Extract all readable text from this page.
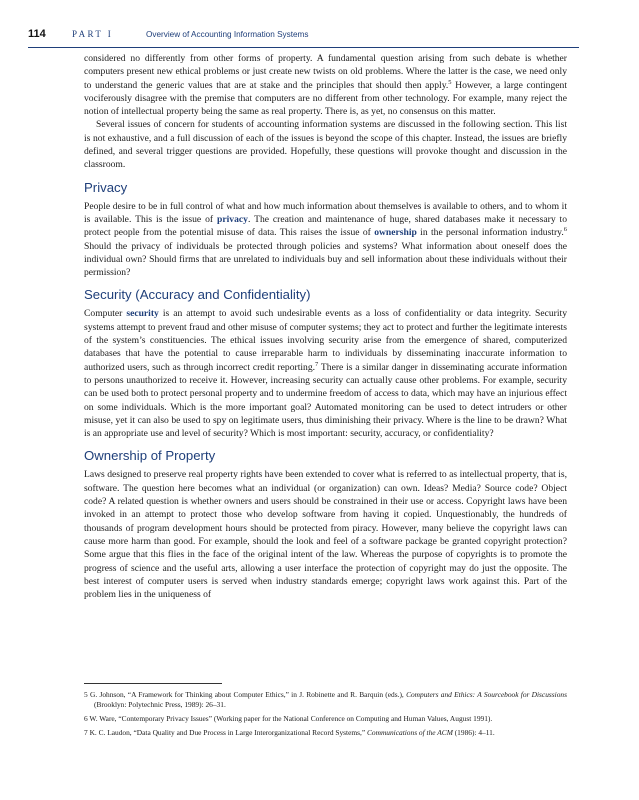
114	PART I	Overview of Accounting Information Systems

considered no differently from other forms of property. A fundamental question arising from such debate is whether computers present new ethical problems or just create new twists on old problems. Where the latter is the case, we need only to understand the generic values that are at stake and the principles that should then apply.$^5$ However, a large contingent vociferously disagree with the premise that computers are no different from other technology. For example, many reject the notion of intellectual property being the same as real property. There is, as yet, no consensus on this matter.

Several issues of concern for students of accounting information systems are discussed in the following section. This list is not exhaustive, and a full discussion of each of the issues is beyond the scope of this chapter. Instead, the issues are briefly defined, and several trigger questions are provided. Hopefully, these questions will provoke thought and discussion in the classroom.

Privacy

People desire to be in full control of what and how much information about themselves is available to others, and to whom it is available. This is the issue of privacy. The creation and maintenance of huge, shared databases make it necessary to protect people from the potential misuse of data. This raises the issue of ownership in the personal information industry.$^6$ Should the privacy of individuals be protected through policies and systems? What information about oneself does the individual own? Should firms that are unrelated to individuals buy and sell information about these individuals without their permission?

Security (Accuracy and Confidentiality)

Computer security is an attempt to avoid such undesirable events as a loss of confidentiality or data integrity. Security systems attempt to prevent fraud and other misuse of computer systems; they act to protect and further the legitimate interests of the system’s constituencies. The ethical issues involving security arise from the emergence of shared, computerized databases that have the potential to cause irreparable harm to individuals by disseminating inaccurate information to authorized users, such as through incorrect credit reporting.$^7$ There is a similar danger in disseminating accurate information to persons unauthorized to receive it. However, increasing security can actually cause other problems. For example, security can be used both to protect personal property and to undermine freedom of access to data, which may have an injurious effect on some individuals. Which is the more important goal? Automated monitoring can be used to detect intruders or other misuse, yet it can also be used to spy on legitimate users, thus diminishing their privacy. Where is the line to be drawn? What is an appropriate use and level of security? Which is most important: security, accuracy, or confidentiality?

Ownership of Property

Laws designed to preserve real property rights have been extended to cover what is referred to as intellectual property, that is, software. The question here becomes what an individual (or organization) can own. Ideas? Media? Source code? Object code? A related question is whether owners and users should be constrained in their use or access. Copyright laws have been invoked in an attempt to protect those who develop software from having it copied. Unquestionably, the hundreds of thousands of program development hours should be protected from piracy. However, many believe the copyright laws can cause more harm than good. For example, should the look and feel of a software package be granted copyright protection? Some argue that this flies in the face of the original intent of the law. Whereas the purpose of copyrights is to promote the progress of science and the useful arts, allowing a user interface the protection of copyright may do just the opposite. The best interest of computer users is served when industry standards emerge; copyright laws work against this. Part of the problem lies in the uniqueness of

5 G. Johnson, “A Framework for Thinking about Computer Ethics,” in J. Robinette and R. Barquin (eds.), Computers and Ethics: A Sourcebook for Discussions (Brooklyn: Polytechnic Press, 1989): 26–31.

6 W. Ware, “Contemporary Privacy Issues” (Working paper for the National Conference on Computing and Human Values, August 1991).

7 K. C. Laudon, “Data Quality and Due Process in Large Interorganizational Record Systems,” Communications of the ACM (1986): 4–11.
